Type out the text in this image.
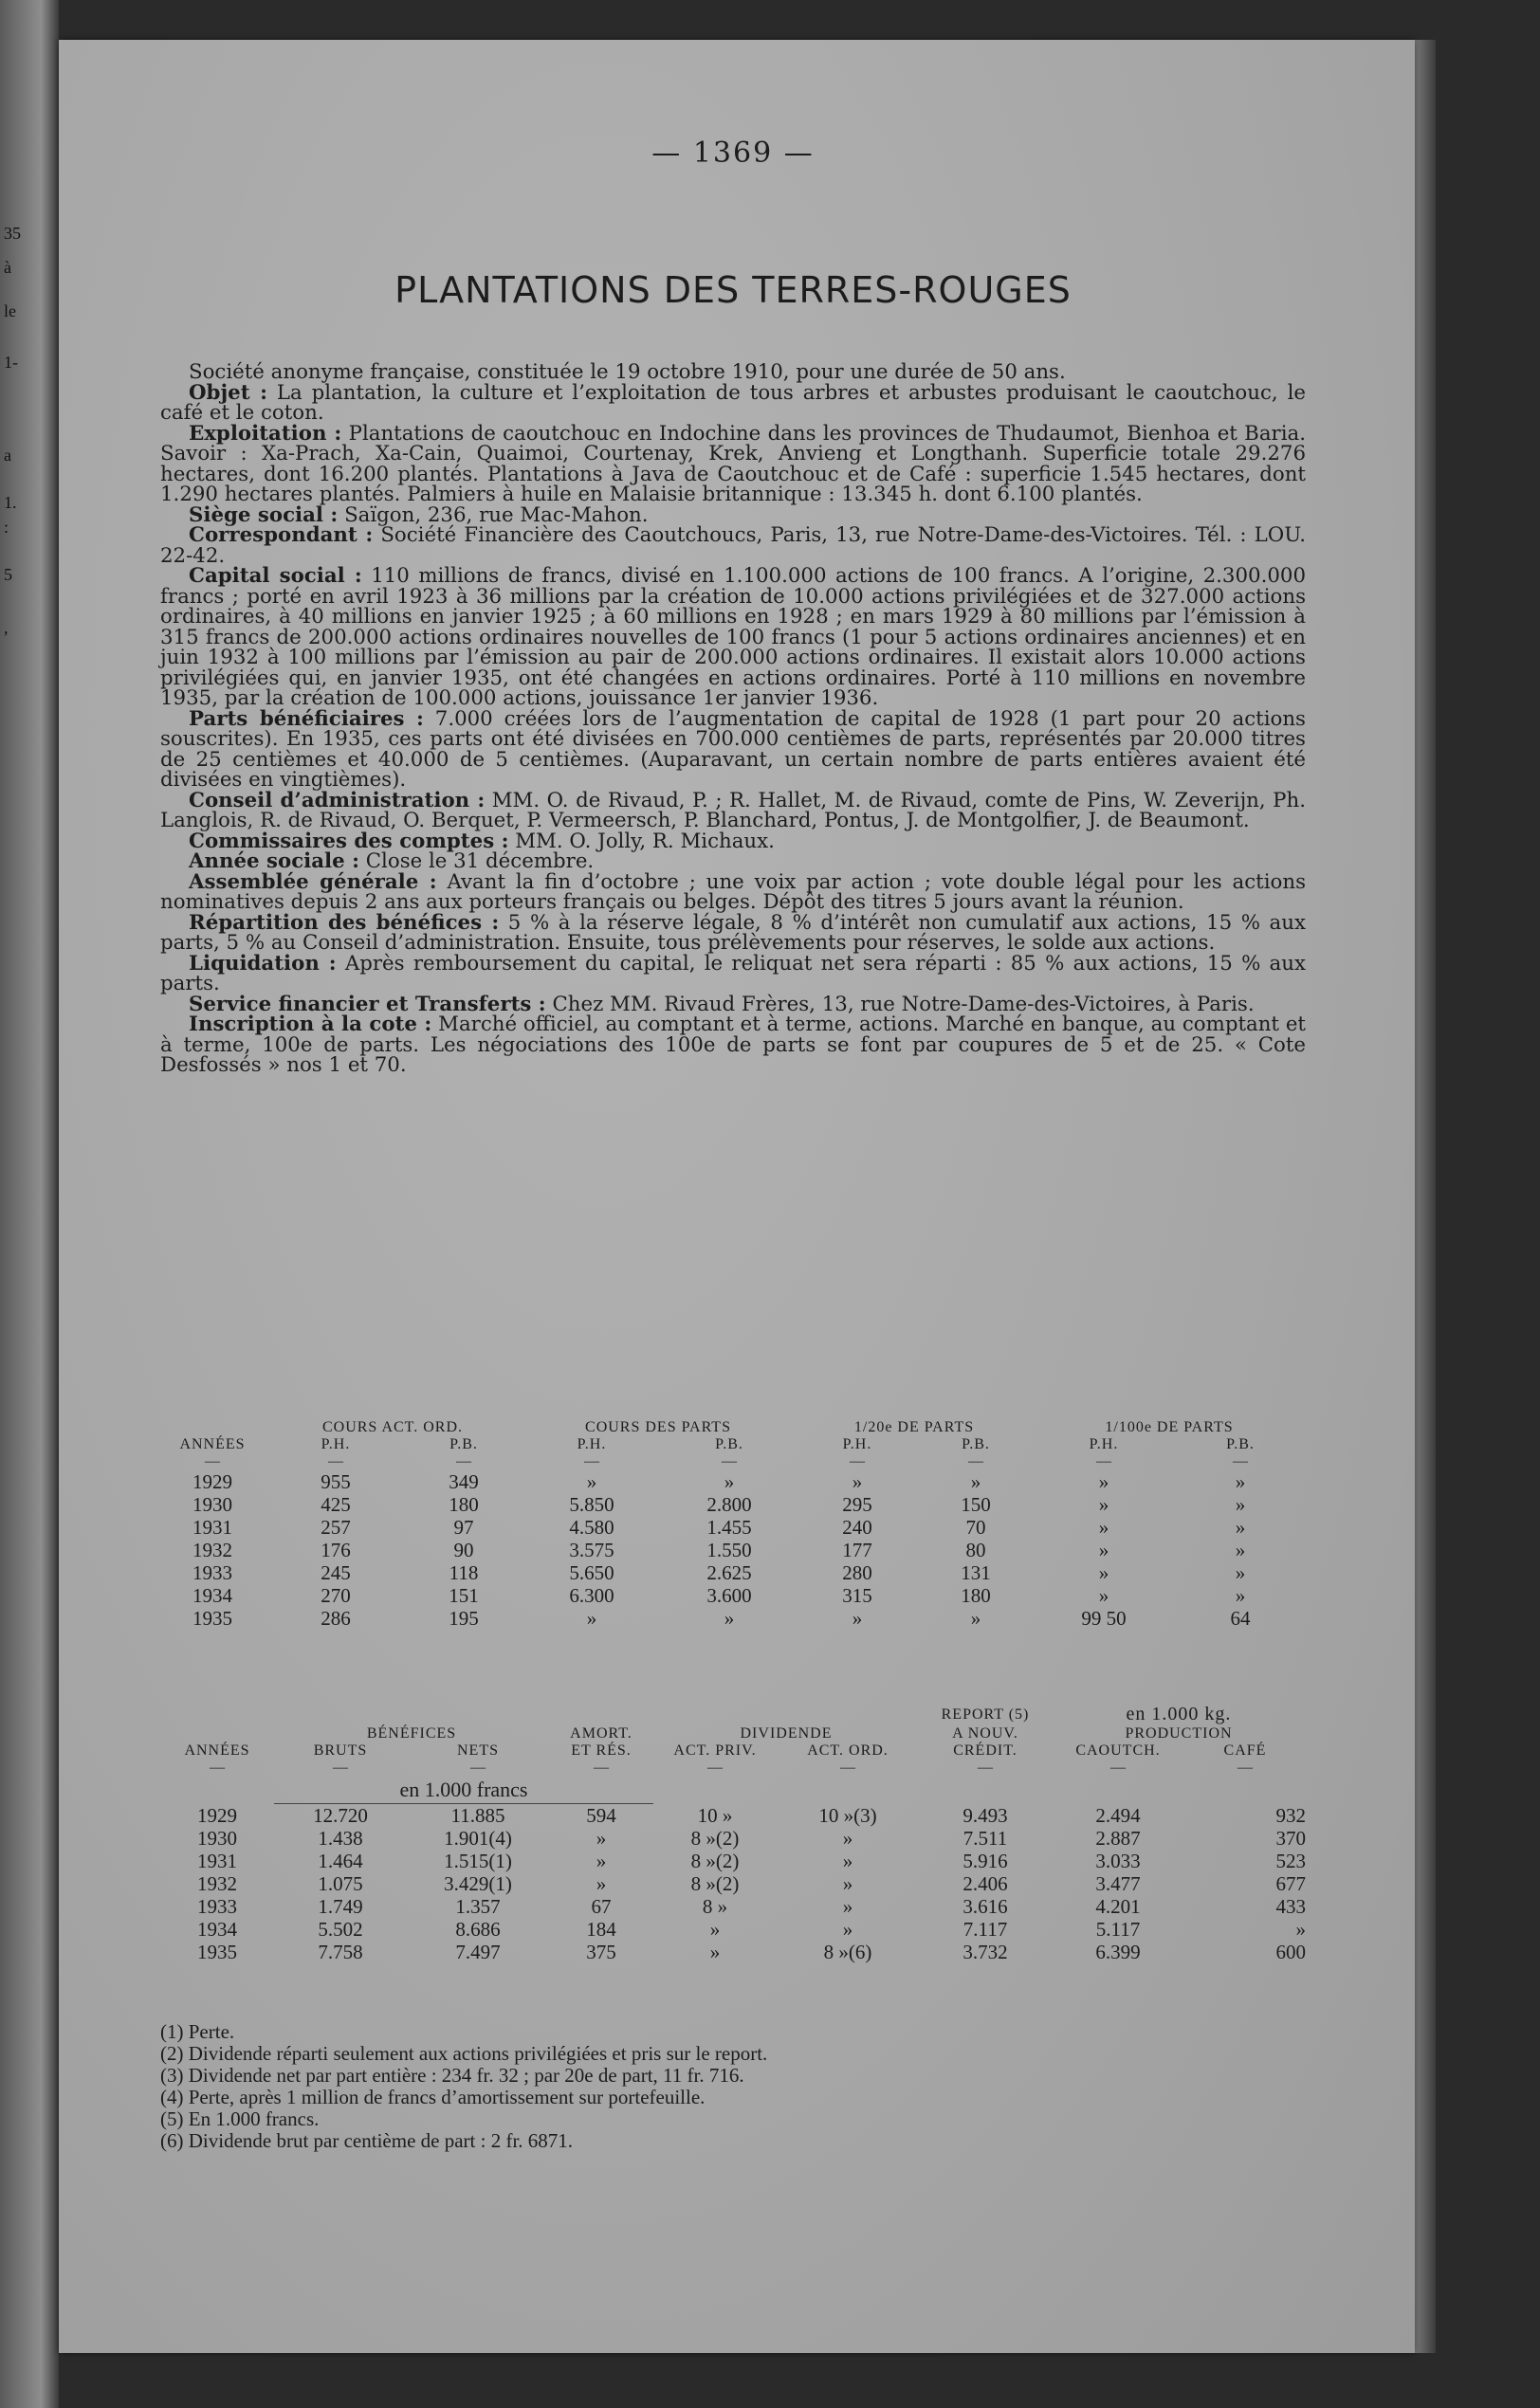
35
à
le
1-
a
1.
:
5
,
— 1369 —
PLANTATIONS DES TERRES-ROUGES

Société anonyme française, constituée le 19 octobre 1910, pour une durée de 50 ans.

Objet : La plantation, la culture et l’exploitation de tous arbres et arbustes produisant le caoutchouc, le café et le coton.

Exploitation : Plantations de caoutchouc en Indochine dans les provinces de Thudaumot, Bienhoa et Baria. Savoir : Xa-Prach, Xa-Cain, Quaimoi, Courtenay, Krek, Anvieng et Longthanh. Superficie totale 29.276 hectares, dont 16.200 plantés. Plantations à Java de Caoutchouc et de Café : superficie 1.545 hectares, dont 1.290 hectares plantés. Palmiers à huile en Malaisie britannique : 13.345 h. dont 6.100 plantés.

Siège social : Saïgon, 236, rue Mac-Mahon.

Correspondant : Société Financière des Caoutchoucs, Paris, 13, rue Notre-Dame-des-Victoires. Tél. : LOU. 22-42.

Capital social : 110 millions de francs, divisé en 1.100.000 actions de 100 francs. A l’origine, 2.300.000 francs ; porté en avril 1923 à 36 millions par la création de 10.000 actions privilégiées et de 327.000 actions ordinaires, à 40 millions en janvier 1925 ; à 60 millions en 1928 ; en mars 1929 à 80 millions par l’émission à 315 francs de 200.000 actions ordinaires nouvelles de 100 francs (1 pour 5 actions ordinaires anciennes) et en juin 1932 à 100 millions par l’émission au pair de 200.000 actions ordinaires. Il existait alors 10.000 actions privilégiées qui, en janvier 1935, ont été changées en actions ordinaires. Porté à 110 millions en novembre 1935, par la création de 100.000 actions, jouissance 1er janvier 1936.

Parts bénéficiaires : 7.000 créées lors de l’augmentation de capital de 1928 (1 part pour 20 actions souscrites). En 1935, ces parts ont été divisées en 700.000 centièmes de parts, représentés par 20.000 titres de 25 centièmes et 40.000 de 5 centièmes. (Auparavant, un certain nombre de parts entières avaient été divisées en vingtièmes).

Conseil d’administration : MM. O. de Rivaud, P. ; R. Hallet, M. de Rivaud, comte de Pins, W. Zeverijn, Ph. Langlois, R. de Rivaud, O. Berquet, P. Vermeersch, P. Blanchard, Pontus, J. de Montgolfier, J. de Beaumont.

Commissaires des comptes : MM. O. Jolly, R. Michaux.

Année sociale : Close le 31 décembre.

Assemblée générale : Avant la fin d’octobre ; une voix par action ; vote double légal pour les actions nominatives depuis 2 ans aux porteurs français ou belges. Dépôt des titres 5 jours avant la réunion.

Répartition des bénéfices : 5 % à la réserve légale, 8 % d’intérêt non cumulatif aux actions, 15 % aux parts, 5 % au Conseil d’administration. Ensuite, tous prélèvements pour réserves, le solde aux actions.

Liquidation : Après remboursement du capital, le reliquat net sera réparti : 85 % aux actions, 15 % aux parts.

Service financier et Transferts : Chez MM. Rivaud Frères, 13, rue Notre-Dame-des-Victoires, à Paris.

Inscription à la cote : Marché officiel, au comptant et à terme, actions. Marché en banque, au comptant et à terme, 100e de parts. Les négociations des 100e de parts se font par coupures de 5 et de 25. « Cote Desfossés » nos 1 et 70.

	COURS ACT. ORD.		COURS DES PARTS		1/20e DE PARTS		1/100e DE PARTS	
ANNÉES	P.H.	P.B.	P.H.	P.B.	P.H.	P.B.	P.H.	P.B.
—	—	—	—	—	—	—	—	—
1929	955	349	»	»	»	»	»	»
1930	425	180	5.850	2.800	295	150	»	»
1931	257	97	4.580	1.455	240	70	»	»
1932	176	90	3.575	1.550	177	80	»	»
1933	245	118	5.650	2.625	280	131	»	»
1934	270	151	6.300	3.600	315	180	»	»
1935	286	195	»	»	»	»	99 50	64
						REPORT (5)	en 1.000 kg.	
	BÉNÉFICES		AMORT.	DIVIDENDE		A NOUV.	PRODUCTION	
ANNÉES	BRUTS	NETS	ET RÉS.	ACT. PRIV.	ACT. ORD.	CRÉDIT.	CAOUTCH.	CAFÉ
—	—	—	—	—	—	—	—	—
	en 1.000 francs							
1929	12.720	11.885	594	10 »	10 »(3)	9.493	2.494	932
1930	1.438	1.901(4)	»	8 »(2)	»	7.511	2.887	370
1931	1.464	1.515(1)	»	8 »(2)	»	5.916	3.033	523
1932	1.075	3.429(1)	»	8 »(2)	»	2.406	3.477	677
1933	1.749	1.357	67	8 »	»	3.616	4.201	433
1934	5.502	8.686	184	»	»	7.117	5.117	»
1935	7.758	7.497	375	»	8 »(6)	3.732	6.399	600
(1) Perte.
(2) Dividende réparti seulement aux actions privilégiées et pris sur le report.
(3) Dividende net par part entière : 234 fr. 32 ; par 20e de part, 11 fr. 716.
(4) Perte, après 1 million de francs d’amortissement sur portefeuille.
(5) En 1.000 francs.
(6) Dividende brut par centième de part : 2 fr. 6871.
